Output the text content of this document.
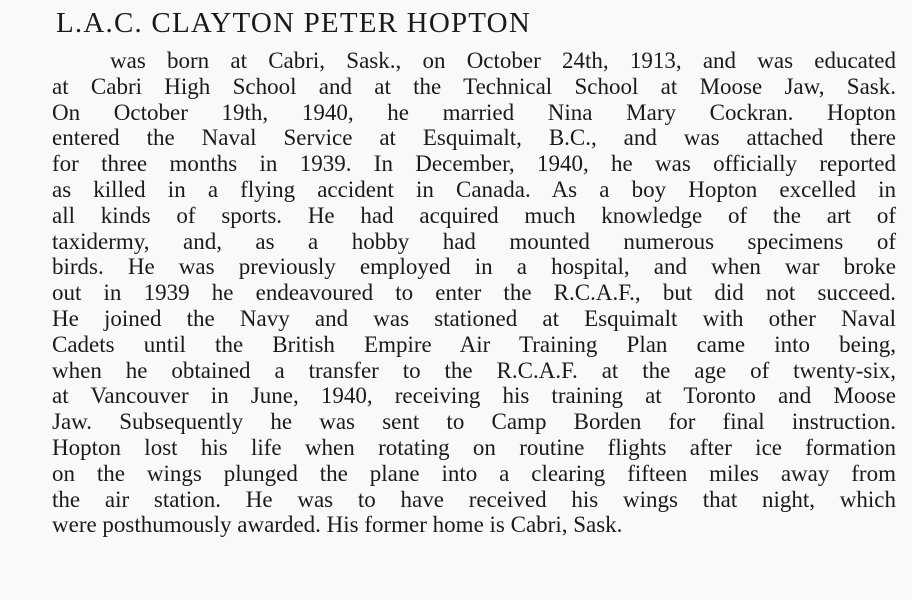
L.A.C. CLAYTON PETER HOPTON
was born at Cabri, Sask., on October 24th, 1913, and was educated
at Cabri High School and at the Technical School at Moose Jaw, Sask.
On October 19th, 1940, he married Nina Mary Cockran. Hopton
entered the Naval Service at Esquimalt, B.C., and was attached there
for three months in 1939. In December, 1940, he was officially reported
as killed in a flying accident in Canada. As a boy Hopton excelled in
all kinds of sports. He had acquired much knowledge of the art of
taxidermy, and, as a hobby had mounted numerous specimens of
birds. He was previously employed in a hospital, and when war broke
out in 1939 he endeavoured to enter the R.C.A.F., but did not succeed.
He joined the Navy and was stationed at Esquimalt with other Naval
Cadets until the British Empire Air Training Plan came into being,
when he obtained a transfer to the R.C.A.F. at the age of twenty-six,
at Vancouver in June, 1940, receiving his training at Toronto and Moose
Jaw. Subsequently he was sent to Camp Borden for final instruction.
Hopton lost his life when rotating on routine flights after ice formation
on the wings plunged the plane into a clearing fifteen miles away from
the air station. He was to have received his wings that night, which
were posthumously awarded. His former home is Cabri, Sask.
